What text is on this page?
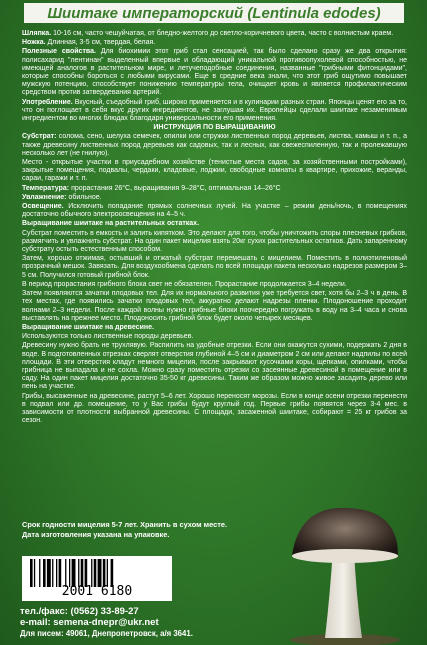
Шиитаке императорский (Lentinula edodes)

Шляпка. 10-16 см, часто чешуйчатая, от бледно-желтого до светло-коричневого цвета, часто с волнистым краем.

Ножка. Длинная, 3-5 см, твердая, белая.

Полезные свойства. Для биохимии этот гриб стал сенсацией, так было сделано сразу же два открытия: полисахарид "лентинан" выделенный впервые и обладающий уникальной противоопухолевой способностью, не имеющей аналогов в растительном мире, и летучеподобные соединения, названные "грибными фитонцидами", которые способны бороться с любыми вирусами. Еще в средние века знали, что этот гриб ощутимо повышает мужскую потенцию, способствует понижению температуры тела, очищает кровь и является профилактическим средством против затвердевания артерий.

Употребление. Вкусный, съедобный гриб, широко применяется и в кулинарии разных стран. Японцы ценят его за то, что он поглощает в себя вкус других ингредиентов, не заглушая их. Европейцы сделали шиитаке незаменимым ингредиентом во многих блюдах благодаря универсальности его применения.

ИНСТРУКЦИЯ ПО ВЫРАЩИВАНИЮ

Субстрат: солома, сено, шелуха семечек, опилки или стружки лиственных пород деревьев, листва, камыш и т. п., а также древесину лиственных пород деревьев как садовых, так и лесных, как свежеспиленную, так и пролежавшую несколько лет (не гнилую).

Место - открытые участки в приусадебном хозяйстве (тенистые места садов, за хозяйственными постройками), закрытые помещения, подвалы, чердаки, кладовые, лоджии, свободные комнаты в квартире, прихожие, веранды, сараи, гаражи и т. п.

Температура: прорастания 26°С, выращивания 9–28°С, оптимальная 14–26°С

Увлажнение: обильное.

Освещение. Исключить попадание прямых солнечных лучей. На участке – режим день/ночь, в помещениях достаточно обычного электроосвещения на 4–5 ч.

Выращивание шиитаке на растительных остатках.

Субстрат поместить в емкость и залить кипятком. Это делают для того, чтобы уничтожить споры плесневых грибков, размягчить и увлажнить субстрат. На один пакет мицелия взять 20кг сухих растительных остатков. Дать запаренному субстрату остыть естественным способом.

Затем, хорошо отжимая, остывший и отжатый субстрат перемешать с мицелием. Поместить в полиэтиленовый прозрачный мешок. Завязать. Для воздухообмена сделать по всей площади пакета несколько надрезов размером 3–5 см. Получился готовый грибной блок.

В период прорастания грибного блока свет не обязателен. Прорастание продолжается 3–4 недели.

Затем появляются зачатки плодовых тел. Для их нормального развития уже требуется свет, хотя бы 2–3 ч в день. В тех местах, где появились зачатки плодовых тел, аккуратно делают надрезы пленки. Плодоношение проходит волнами 2–3 недели. После каждой волны нужно грибные блоки поочередно погружать в воду на 3–4 часа и снова выставлять на прежнее место. Плодоносить грибной блок будет около четырех месяцев.

Выращивание шиитаке на древесине.

Используются только лиственные породы деревьев.

Древесину нужно брать не трухлявую. Распилить на удобные отрезки. Если они окажутся сухими, подержать 2 дня в воде. В подготовленных отрезках сверлят отверстия глубиной 4–5 см и диаметром 2 см или делают надпилы по всей площади. В эти отверстия кладут немного мицелия, после закрывают кусочками коры, щепками, опилками, чтобы грибница не выпадала и не сохла. Можно сразу поместить отрезки со засеянные древесиной в помещение или в саду. На один пакет мицелия достаточно 35-50 кг древесины. Таким же образом можно живое засадить дерево или пень на участке.

Грибы, высаженные на древесине, растут 5–6 лет. Хорошо переносят морозы. Если в конце осени отрезки перенести в подвал или др. помещение, то у Вас грибы будут круглый год. Первые грибы появятся через 3-4 мес. в зависимости от плотности выбранной древесины. С площади, засаженной шиитаке, собирают = 25 кг грибов за сезон.

Срок годности мицелия 5-7 лет. Хранить в сухом месте.
Дата изготовления указана на упаковке.
2001 6180
тел./факс: (0562) 33-89-27
e-mail: semena-dnepr@ukr.net
Для писем: 49061, Днепропетровск, а/я 3641.
